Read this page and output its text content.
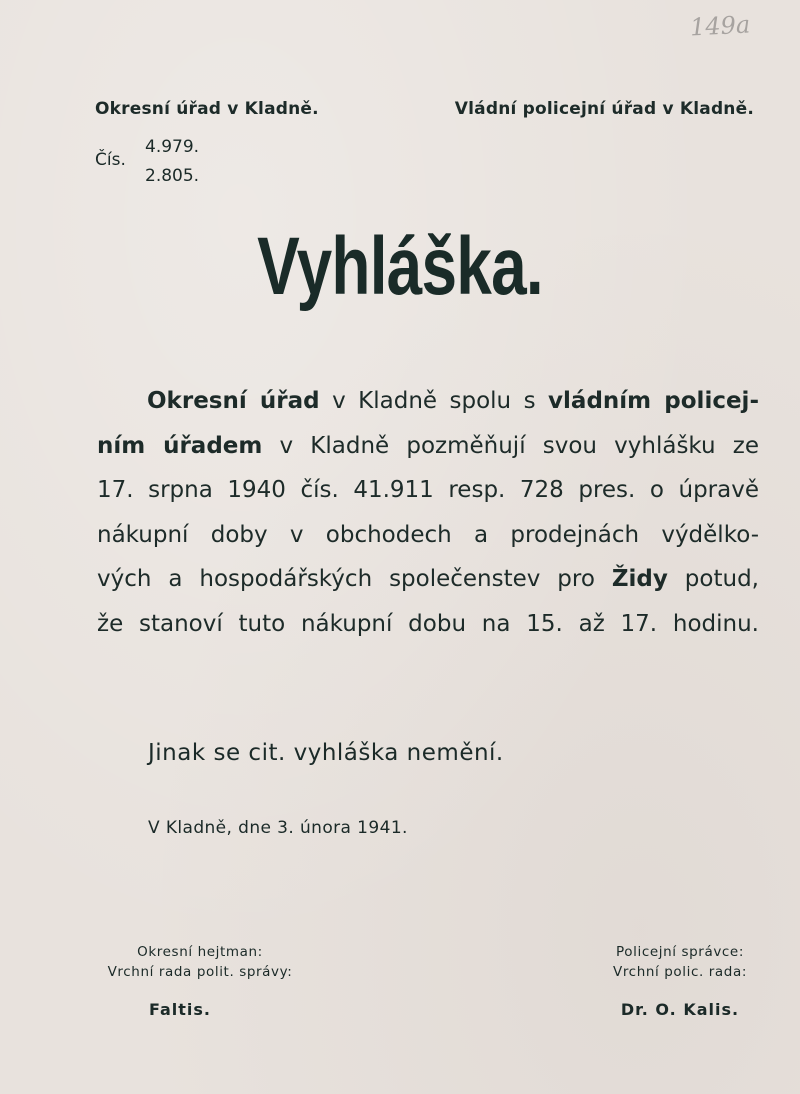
149a
Okresní úřad v Kladně.	Vládní policejní úřad v Kladně.
Čís.
4.979.
2.805.
Vyhláška.
Okresní úřad v Kladně spolu s vládním policej-
ním úřadem v Kladně pozměňují svou vyhlášku ze
17. srpna 1940 čís. 41.911 resp. 728 pres. o úpravě
nákupní doby v obchodech a prodejnách výdělko-
vých a hospodářských společenstev pro Židy potud,
že stanoví tuto nákupní dobu na 15. až 17. hodinu.
Jinak se cit. vyhláška nemění.
V Kladně, dne 3. února 1941.
Okresní hejtman:
Vrchní rada polit. správy:
Faltis.
Policejní správce:
Vrchní polic. rada:
Dr. O. Kalis.
